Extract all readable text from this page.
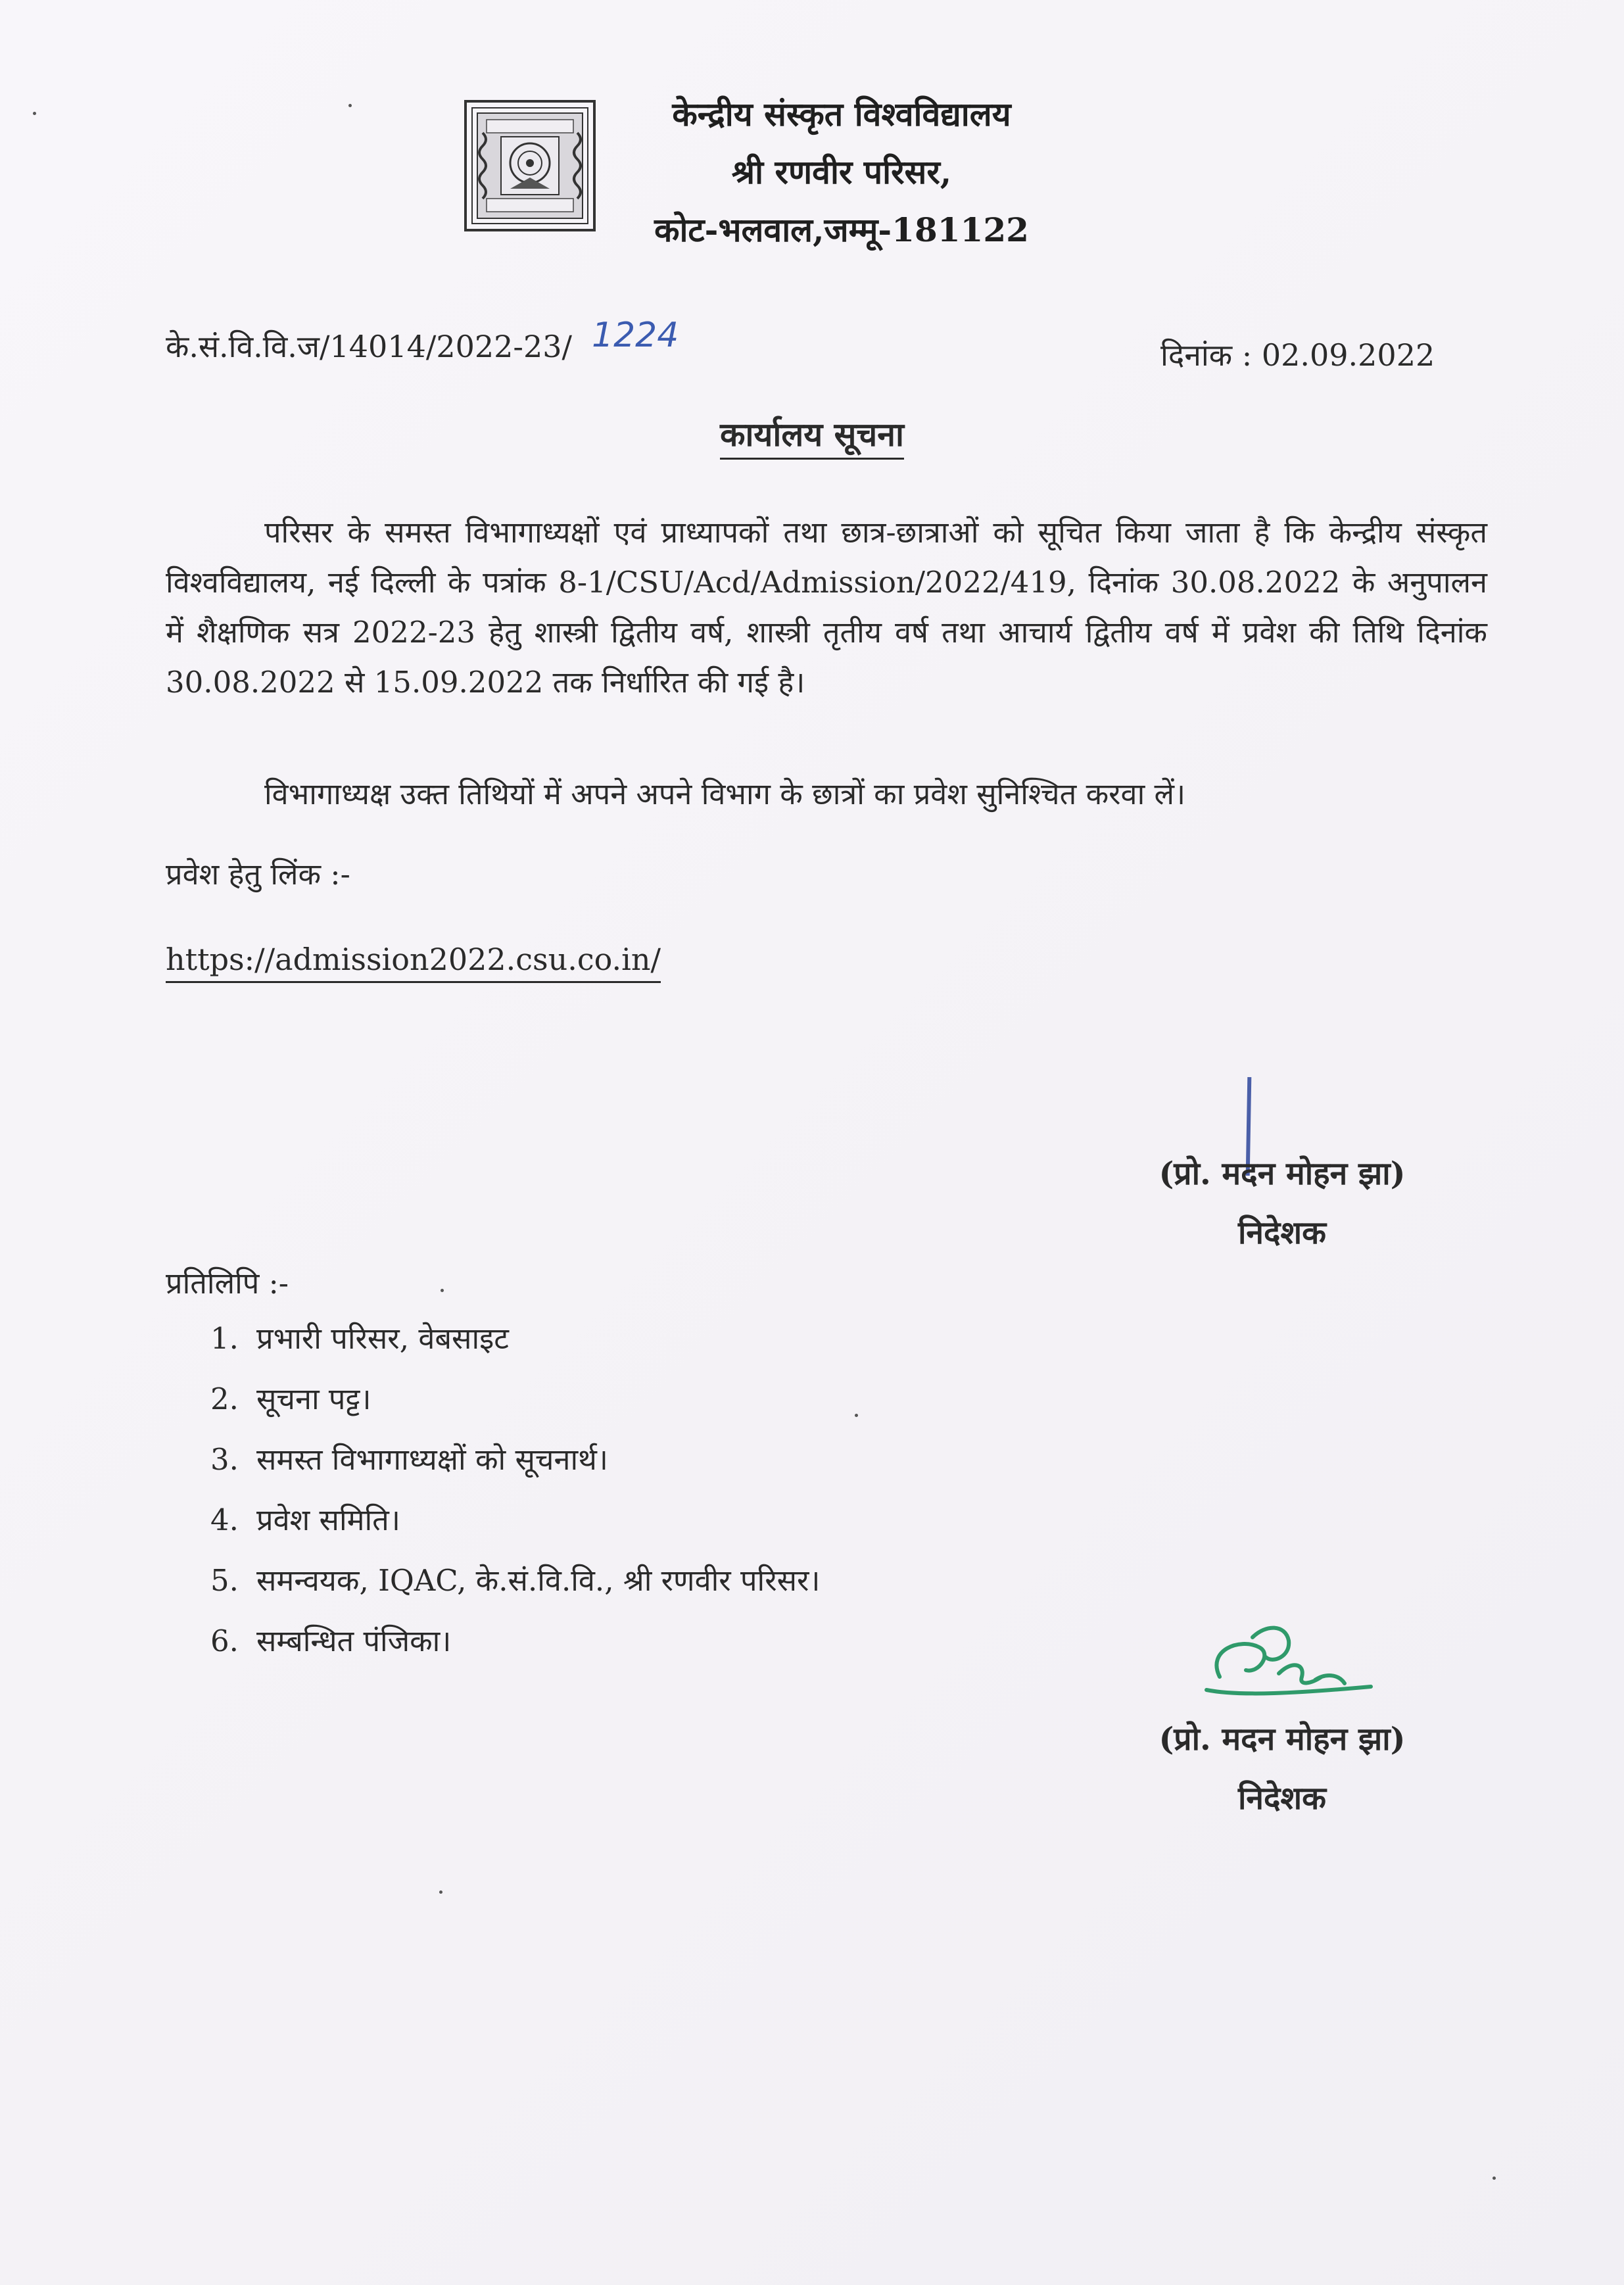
केन्द्रीय संस्कृत विश्वविद्यालय
श्री रणवीर परिसर,
कोट-भलवाल,जम्मू-181122
के.सं.वि.वि.ज/14014/2022-23/ 1224	दिनांक : 02.09.2022
कार्यालय सूचना
परिसर के समस्त विभागाध्यक्षों एवं प्राध्यापकों तथा छात्र-छात्राओं को सूचित किया जाता है कि केन्द्रीय संस्कृत विश्वविद्यालय, नई दिल्ली के पत्रांक 8-1/CSU/Acd/Admission/2022/419, दिनांक 30.08.2022 के अनुपालन में शैक्षणिक सत्र 2022-23 हेतु शास्त्री द्वितीय वर्ष, शास्त्री तृतीय वर्ष तथा आचार्य द्वितीय वर्ष में प्रवेश की तिथि दिनांक 30.08.2022 से 15.09.2022 तक निर्धारित की गई है।
विभागाध्यक्ष उक्त तिथियों में अपने अपने विभाग के छात्रों का प्रवेश सुनिश्चित करवा लें।
प्रवेश हेतु लिंक :-
https://admission2022.csu.co.in/
(प्रो. मदन मोहन झा)
निदेशक
प्रतिलिपि :-
1. प्रभारी परिसर, वेबसाइट
2. सूचना पट्ट।
3. समस्त विभागाध्यक्षों को सूचनार्थ।
4. प्रवेश समिति।
5. समन्वयक, IQAC, के.सं.वि.वि., श्री रणवीर परिसर।
6. सम्बन्धित पंजिका।
(प्रो. मदन मोहन झा)
निदेशक
